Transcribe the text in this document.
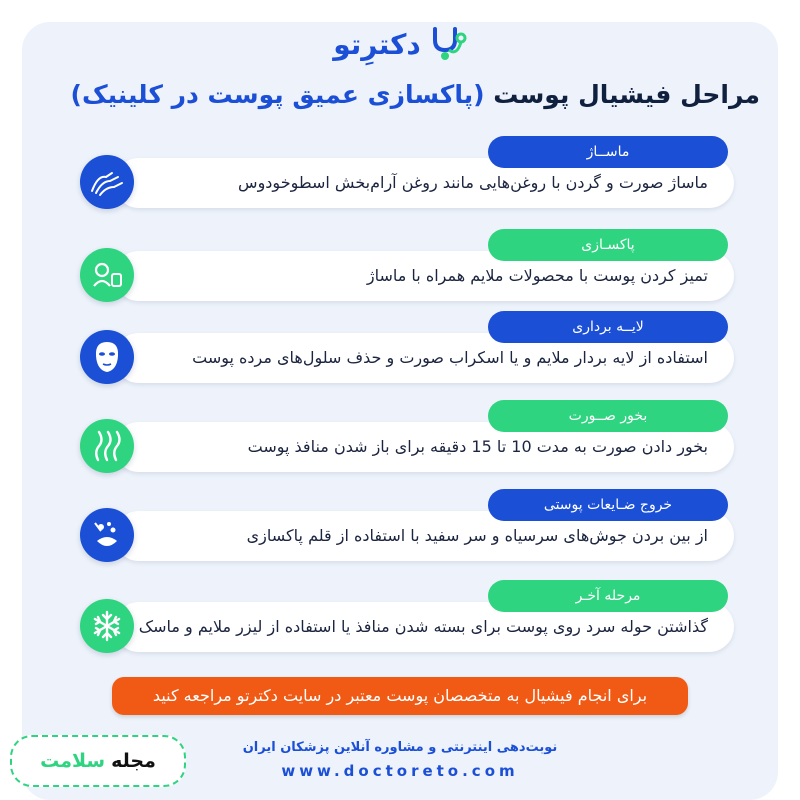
دکترِتو
مراحل فیشیال پوست (پاکسازی عمیق پوست در کلینیک)
ماساژ صورت و گردن با روغن‌هایی مانند روغن آرام‌بخش اسطوخودوس
ماســاژ
تمیز کردن پوست با محصولات ملایم همراه با ماساژ
پاکسـازی
استفاده از لایه بردار ملایم و یا اسکراب صورت و حذف سلول‌های مرده پوست
لایــه برداری
بخور دادن صورت به مدت 10 تا 15 دقیقه برای باز شدن منافذ پوست
بخور صــورت
از بین بردن جوش‌های سرسیاه و سر سفید با استفاده از قلم پاکسازی
خروج ضـایعات پوستی
گذاشتن حوله سرد روی پوست برای بسته شدن منافذ یا استفاده از لیزر ملایم و ماسک
مرحله آخـر
برای انجام فیشیال به متخصصان پوست معتبر در سایت دکترتو مراجعه کنید
مجله
سلامت
نوبت‌دهی اینترنتی و مشاوره آنلاین پزشکان ایران
www.doctoreto.com
